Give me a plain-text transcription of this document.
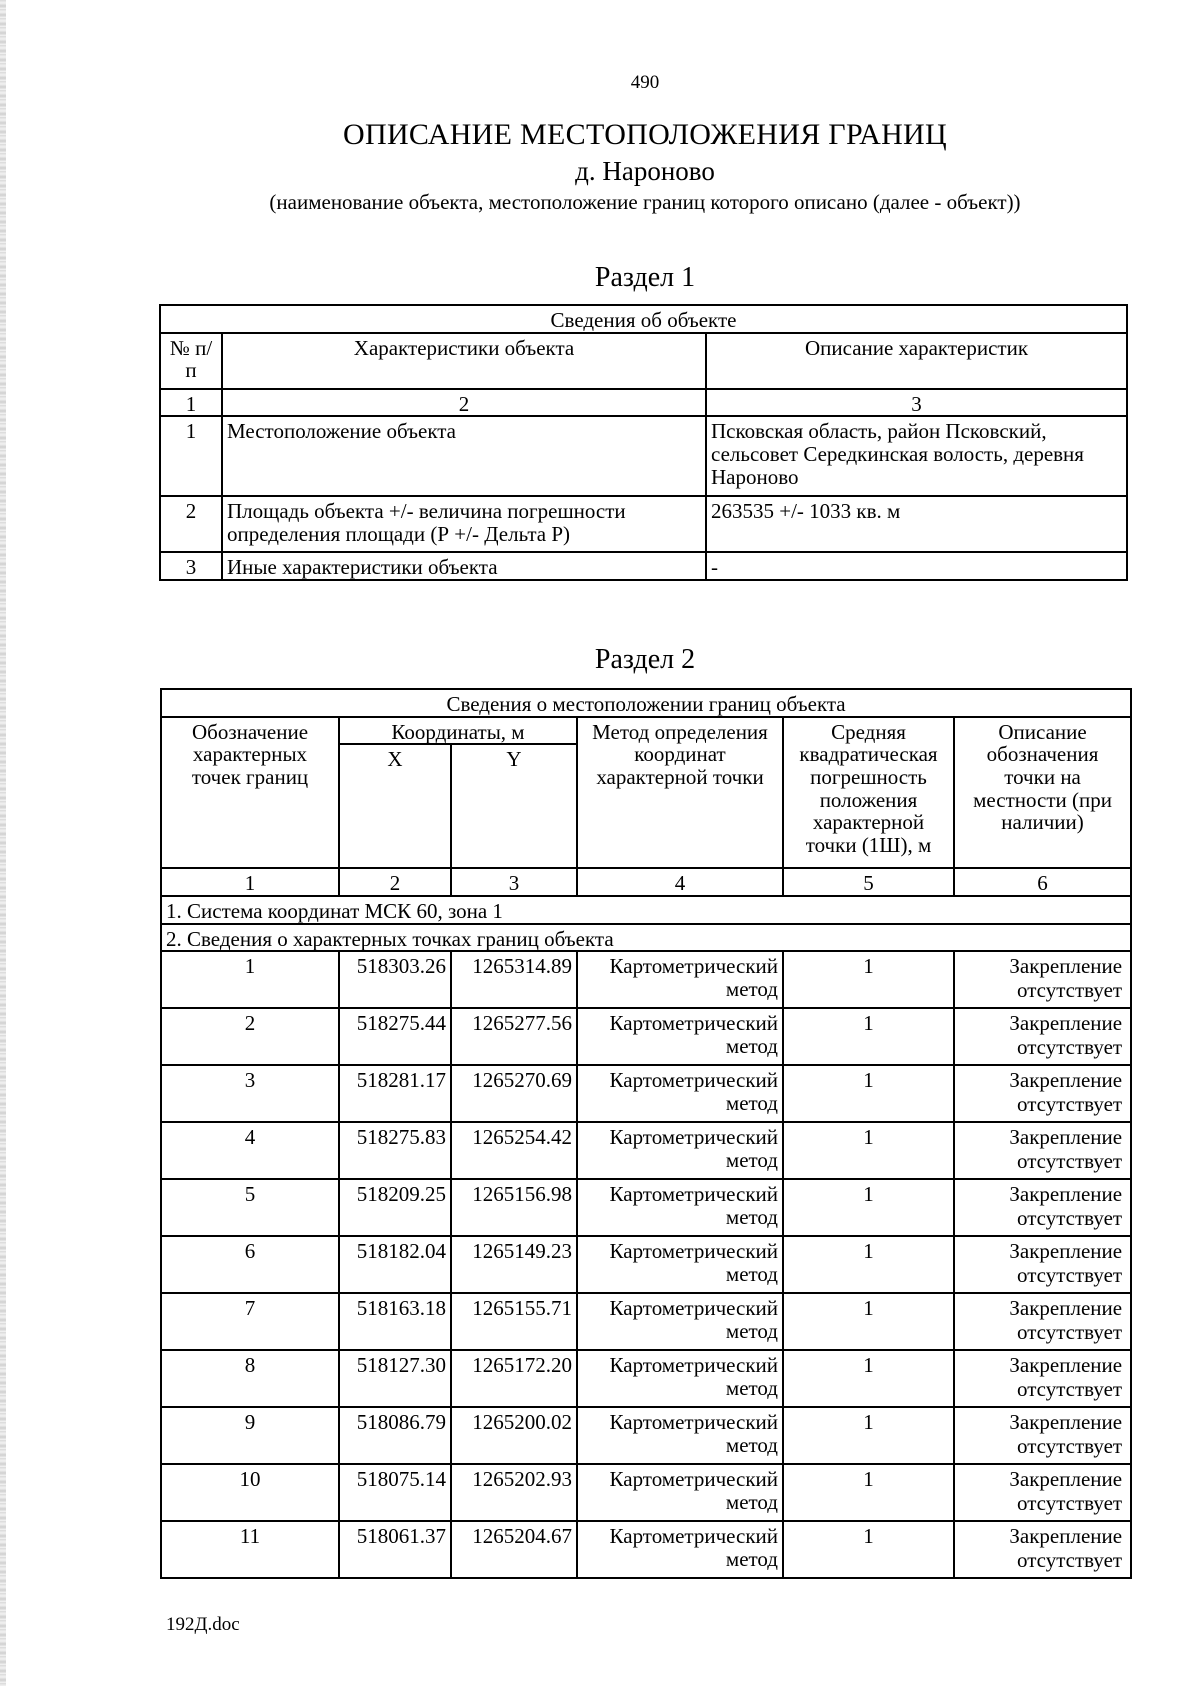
490
ОПИСАНИЕ МЕСТОПОЛОЖЕНИЯ ГРАНИЦ
д. Нароново
(наименование объекта, местоположение границ которого описано (далее - объект))
Раздел 1
Сведения об объекте		
№ п/п	Характеристики объекта	Описание характеристик
1	2	3
1	Местоположение объекта	Псковская область, район Псковский, сельсовет Середкинская волость, деревня Нароново
2	Площадь объекта +/- величина погрешности определения площади (Р +/- Дельта Р)	263535 +/- 1033 кв. м
3	Иные характеристики объекта	-
Раздел 2
Сведения о местоположении границ объекта					
Обозначение характерных точек границ	Координаты, м		Метод определения координат характерной точки	Средняя квадратическая погрешность положения характерной точки (1Ш), м	Описание обозначения точки на местности (при наличии)
	X	Y			
1	2	3	4	5	6
1. Система координат МСК 60, зона 1					
2. Сведения о характерных точках границ объекта					
1	518303.26	1265314.89	Картометрический метод	1	Закрепление отсутствует
2	518275.44	1265277.56	Картометрический метод	1	Закрепление отсутствует
3	518281.17	1265270.69	Картометрический метод	1	Закрепление отсутствует
4	518275.83	1265254.42	Картометрический метод	1	Закрепление отсутствует
5	518209.25	1265156.98	Картометрический метод	1	Закрепление отсутствует
6	518182.04	1265149.23	Картометрический метод	1	Закрепление отсутствует
7	518163.18	1265155.71	Картометрический метод	1	Закрепление отсутствует
8	518127.30	1265172.20	Картометрический метод	1	Закрепление отсутствует
9	518086.79	1265200.02	Картометрический метод	1	Закрепление отсутствует
10	518075.14	1265202.93	Картометрический метод	1	Закрепление отсутствует
11	518061.37	1265204.67	Картометрический метод	1	Закрепление отсутствует
192Д.doc
